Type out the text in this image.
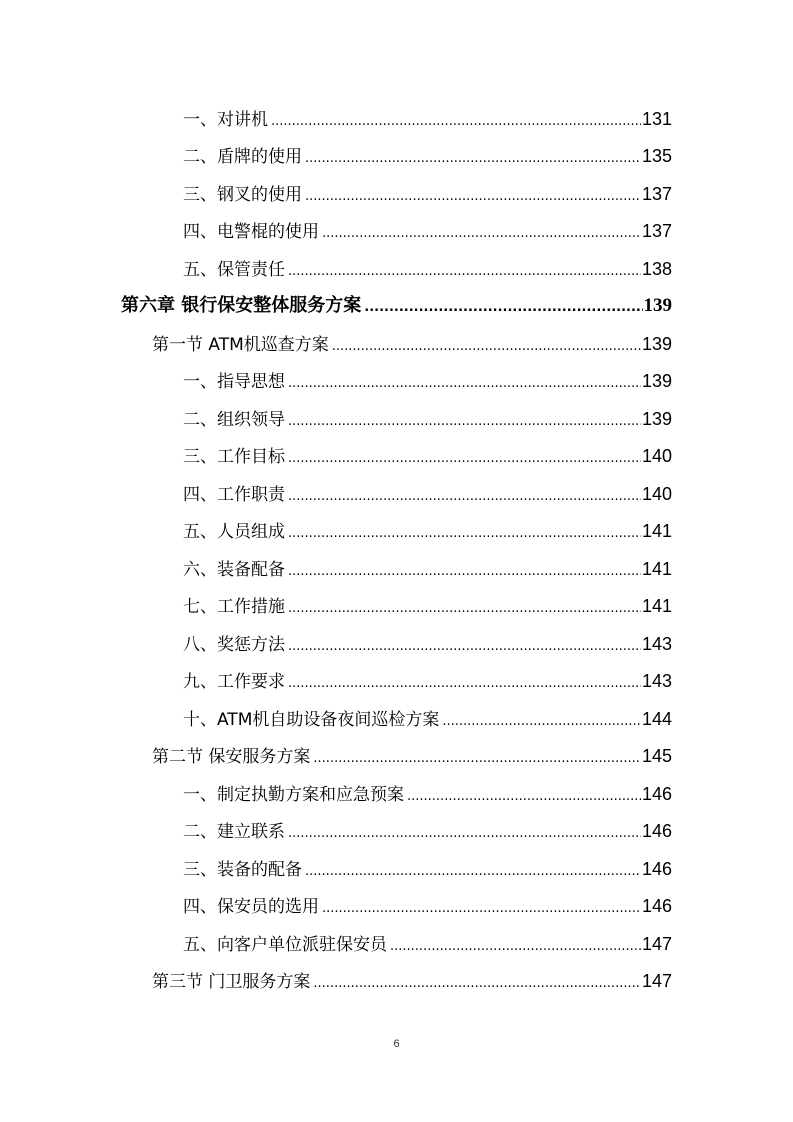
一、对讲机 .....	131
二、盾牌的使用 .....	135
三、钢叉的使用 .....	137
四、电警棍的使用 .....	137
五、保管责任 .....	138
第六章 银行保安整体服务方案 .....	139
第一节 ATM机巡查方案 .....	139
一、指导思想 .....	139
二、组织领导 .....	139
三、工作目标 .....	140
四、工作职责 .....	140
五、人员组成 .....	141
六、装备配备 .....	141
七、工作措施 .....	141
八、奖惩方法 .....	143
九、工作要求 .....	143
十、ATM机自助设备夜间巡检方案 .....	144
第二节 保安服务方案 .....	145
一、制定执勤方案和应急预案 .....	146
二、建立联系 .....	146
三、装备的配备 .....	146
四、保安员的选用 .....	146
五、向客户单位派驻保安员 .....	147
第三节 门卫服务方案 .....	147
6
